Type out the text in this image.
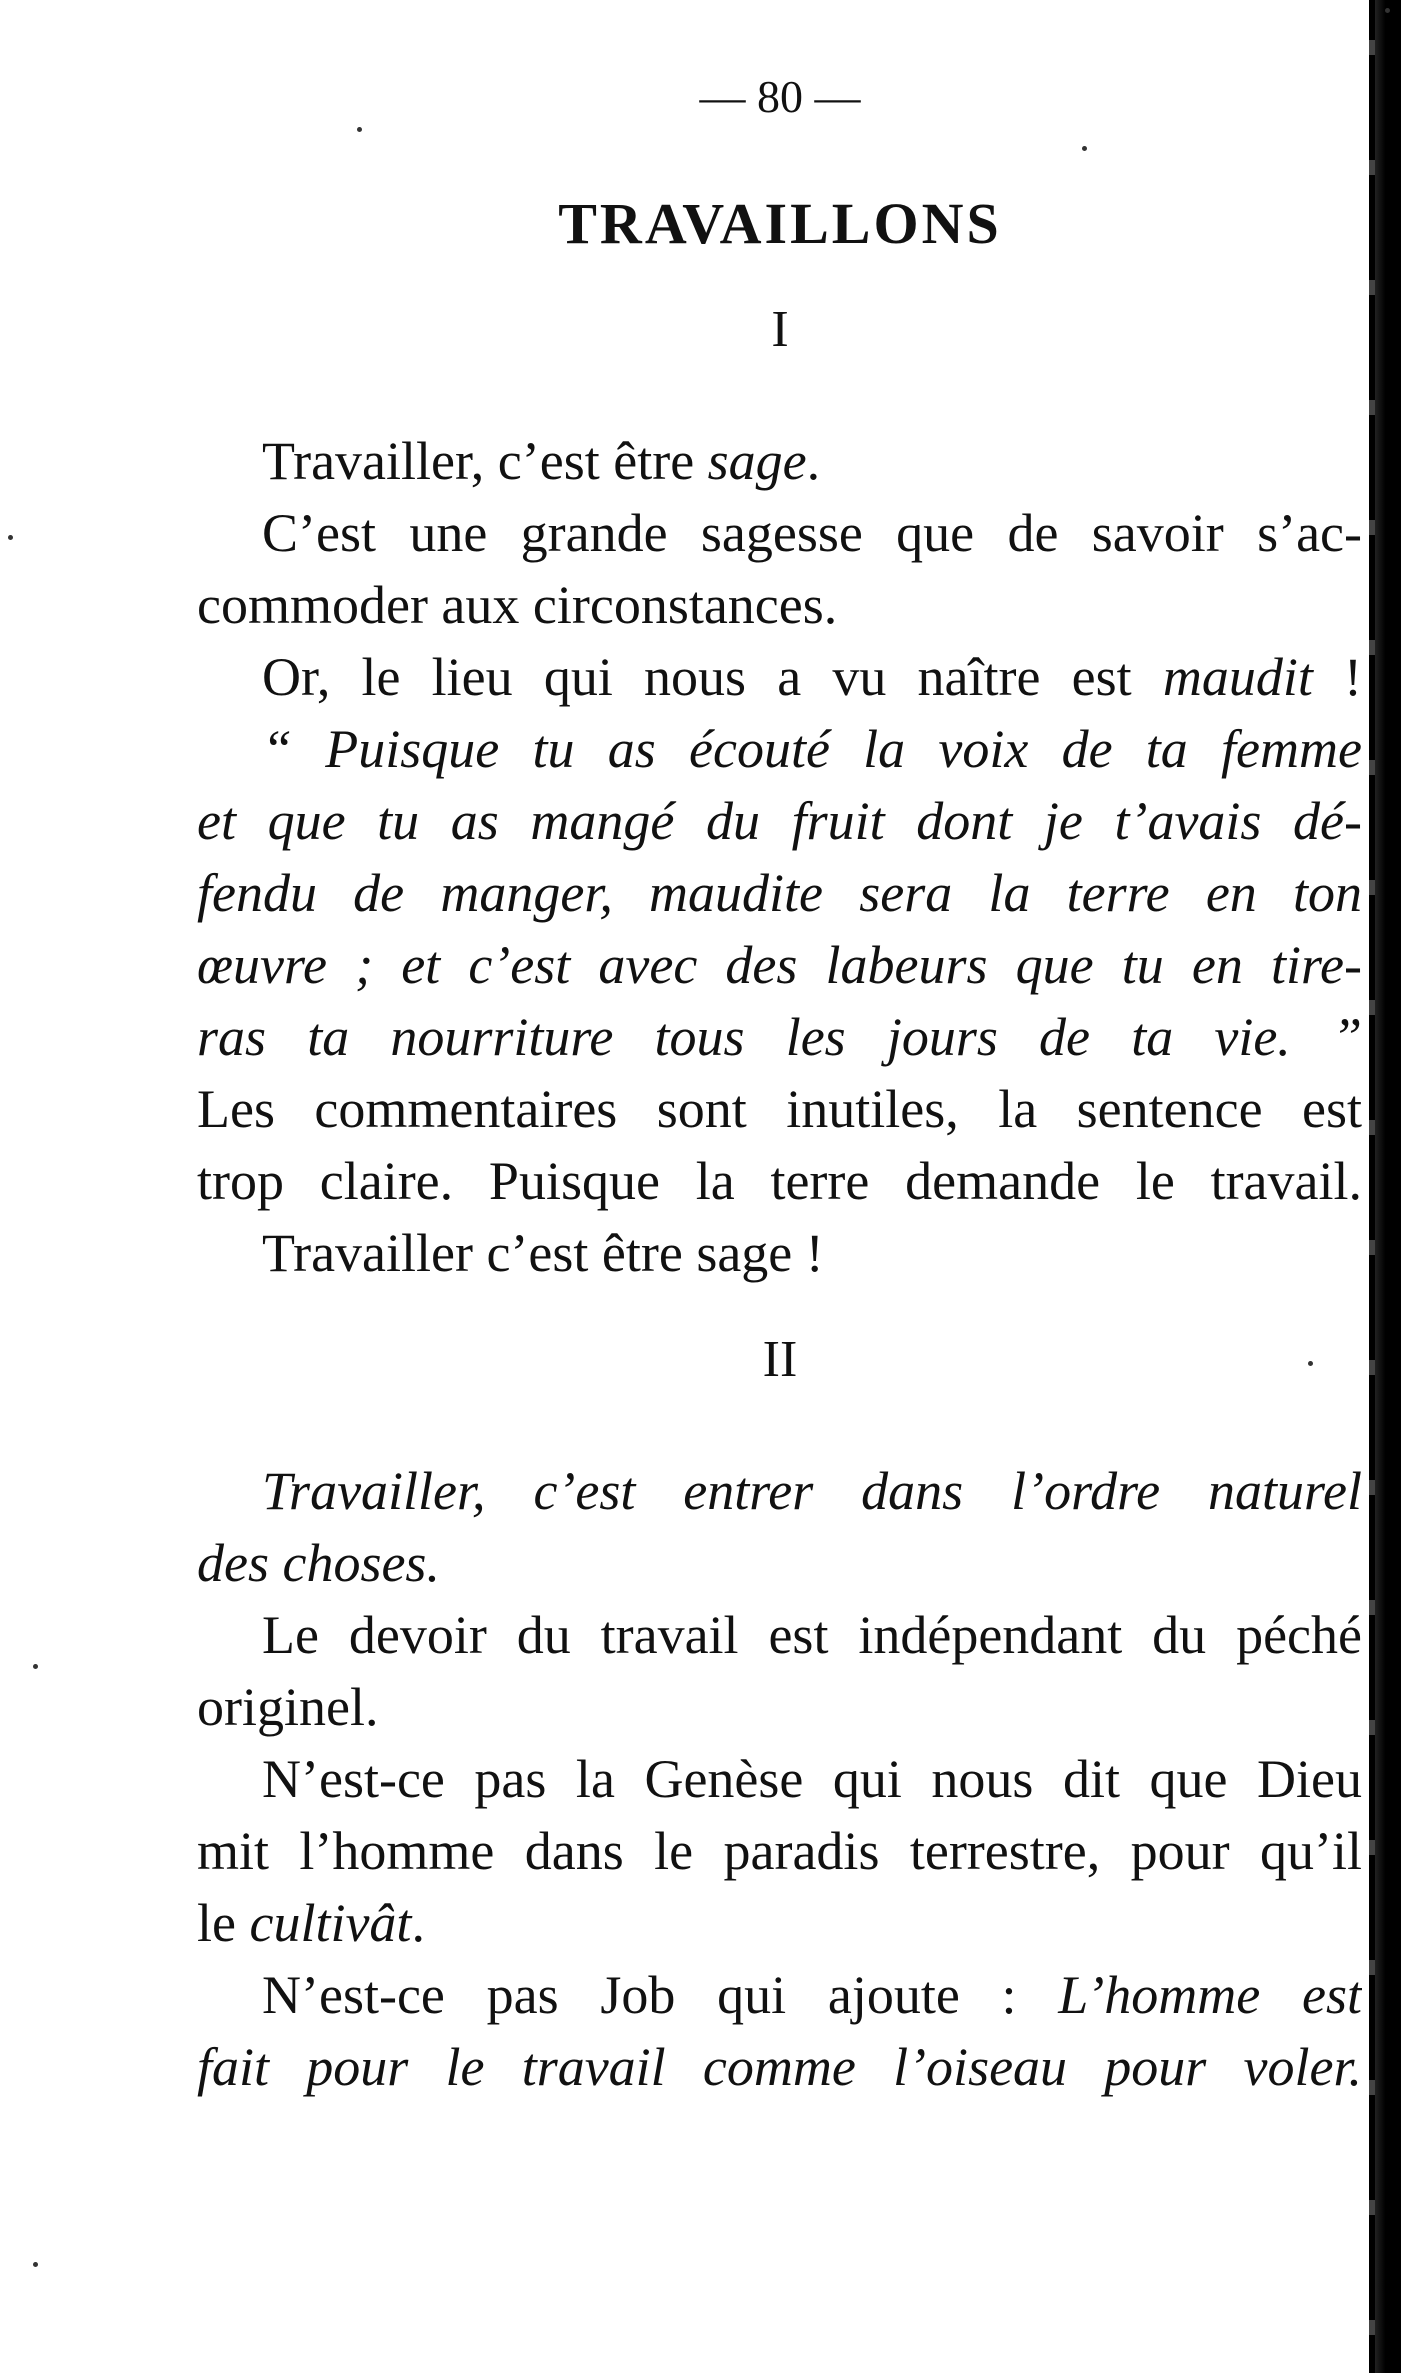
— 80 —
TRAVAILLONS
I
Travailler, c’est être sage.
C’est une grande sagesse que de savoir s’ac-
commoder aux circonstances.
Or, le lieu qui nous a vu naître est maudit !
“ Puisque tu as écouté la voix de ta femme
et que tu as mangé du fruit dont je t’avais dé-
fendu de manger, maudite sera la terre en ton
œuvre ; et c’est avec des labeurs que tu en tire-
ras ta nourriture tous les jours de ta vie. ”
Les commentaires sont inutiles, la sentence est
trop claire. Puisque la terre demande le travail.
Travailler c’est être sage !
II
Travailler, c’est entrer dans l’ordre naturel
des choses.
Le devoir du travail est indépendant du péché
originel.
N’est-ce pas la Genèse qui nous dit que Dieu
mit l’homme dans le paradis terrestre, pour qu’il
le cultivât.
N’est-ce pas Job qui ajoute : L’homme est
fait pour le travail comme l’oiseau pour voler.
